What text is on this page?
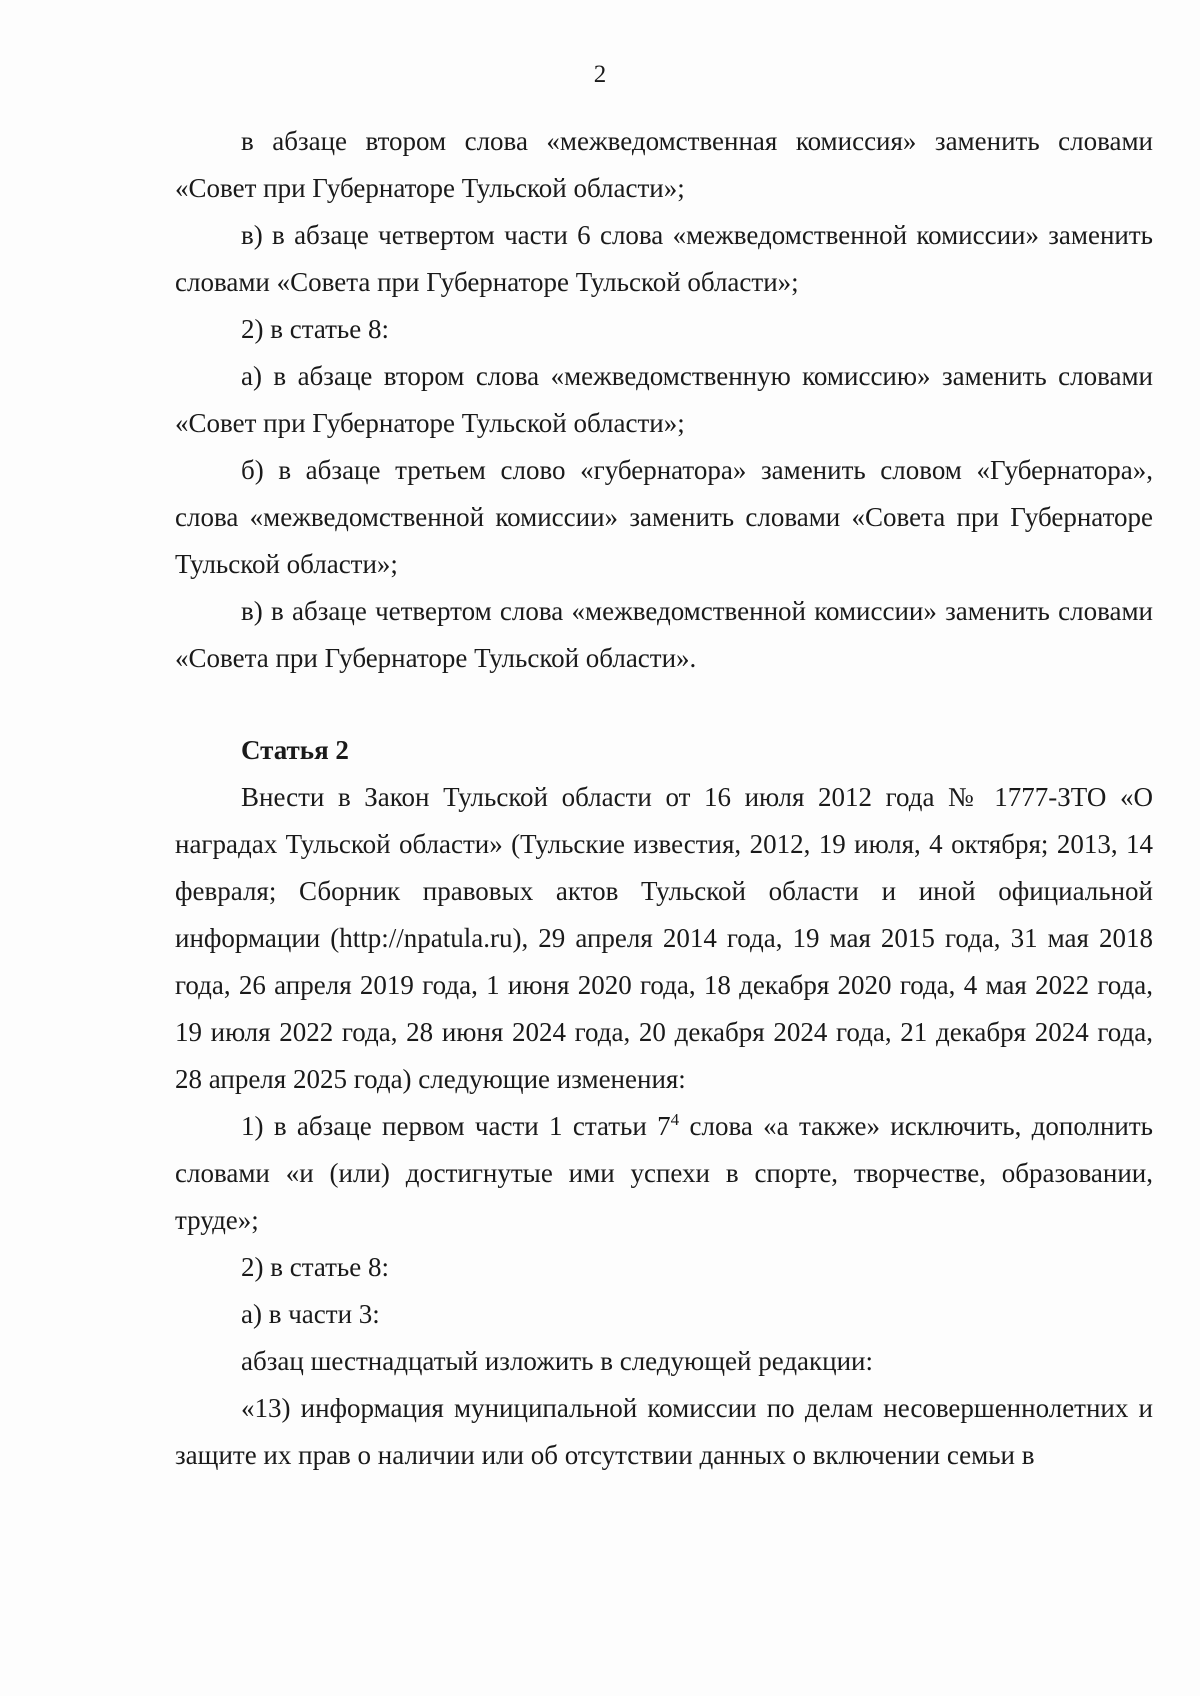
2

в абзаце втором слова «межведомственная комиссия» заменить словами «Совет при Губернаторе Тульской области»;

в) в абзаце четвертом части 6 слова «межведомственной комиссии» заменить словами «Совета при Губернаторе Тульской области»;

2) в статье 8:

а) в абзаце втором слова «межведомственную комиссию» заменить словами «Совет при Губернаторе Тульской области»;

б) в абзаце третьем слово «губернатора» заменить словом «Губернатора», слова «межведомственной комиссии» заменить словами «Совета при Губернаторе Тульской области»;

в) в абзаце четвертом слова «межведомственной комиссии» заменить словами «Совета при Губернаторе Тульской области».

Статья 2

Внести в Закон Тульской области от 16 июля 2012 года № 1777-ЗТО «О наградах Тульской области» (Тульские известия, 2012, 19 июля, 4 октября; 2013, 14 февраля; Сборник правовых актов Тульской области и иной официальной информации (http://npatula.ru), 29 апреля 2014 года, 19 мая 2015 года, 31 мая 2018 года, 26 апреля 2019 года, 1 июня 2020 года, 18 декабря 2020 года, 4 мая 2022 года, 19 июля 2022 года, 28 июня 2024 года, 20 декабря 2024 года, 21 декабря 2024 года, 28 апреля 2025 года) следующие изменения:

1) в абзаце первом части 1 статьи $7^4$ слова «а также» исключить, дополнить словами «и (или) достигнутые ими успехи в спорте, творчестве, образовании, труде»;

2) в статье 8:

а) в части 3:

абзац шестнадцатый изложить в следующей редакции:

«13) информация муниципальной комиссии по делам несовершеннолетних и защите их прав о наличии или об отсутствии данных о включении семьи в
